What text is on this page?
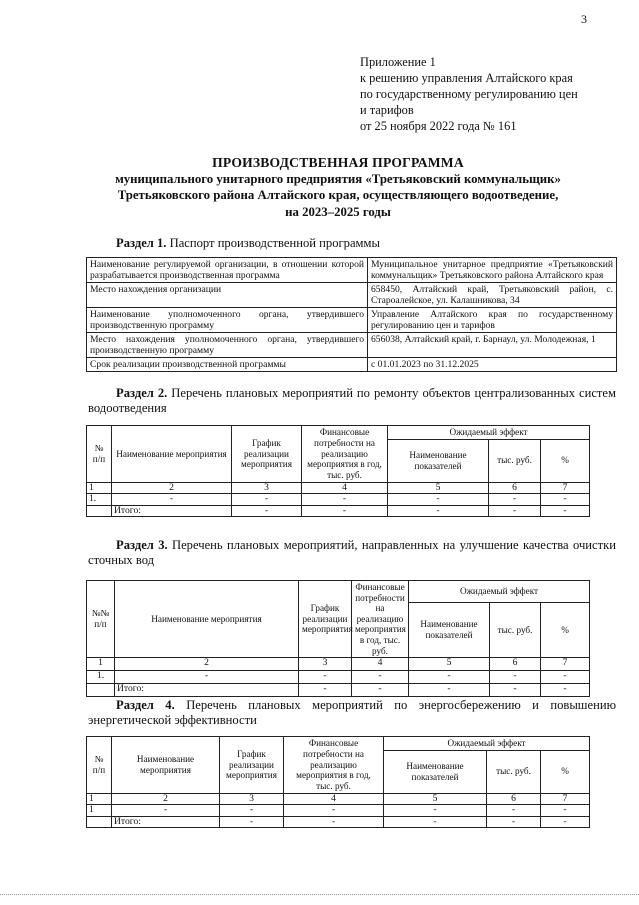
3
Приложение 1
к решению управления Алтайского края
по государственному регулированию цен
и тарифов
от 25 ноября 2022 года № 161
ПРОИЗВОДСТВЕННАЯ ПРОГРАММА
муниципального унитарного предприятия «Третьяковский коммунальщик»
Третьяковского района Алтайского края, осуществляющего водоотведение,
на 2023–2025 годы
Раздел 1. Паспорт производственной программы
Наименование регулируемой организации, в отношении которой разрабатывается производственная программа	Муниципальное унитарное предприятие «Третьяковский коммунальщик» Третьяковского района Алтайского края
Место нахождения организации	658450, Алтайский край, Третьяковский район, с. Староалейское, ул. Калашникова, 34
Наименование уполномоченного органа, утвердившего производственную программу	Управление Алтайского края по государственному регулированию цен и тарифов
Место нахождения уполномоченного органа, утвердившего производственную программу	656038, Алтайский край, г. Барнаул, ул. Молодежная, 1
Срок реализации производственной программы	с 01.01.2023 по 31.12.2025
Раздел 2. Перечень плановых мероприятий по ремонту объектов централизованных систем водоотведения
№ п/п	Наименование мероприятия	График реализации мероприятия	Финансовые потребности на реализацию мероприятия в год, тыс. руб.	Ожидаемый эффект		
				Наименование показателей	тыс. руб.	%
1	2	3	4	5	6	7
1.	-	-	-	-	-	-
	Итого:	-	-	-	-	-
Раздел 3. Перечень плановых мероприятий, направленных на улучшение качества очистки сточных вод
№№ п/п	Наименование мероприятия	График реализации мероприятия	Финансовые потребности на реализацию мероприятия в год, тыс. руб.	Ожидаемый эффект		
				Наименование показателей	тыс. руб.	%
1	2	3	4	5	6	7
1.	-	-	-	-	-	-
	Итого:	-	-	-	-	-
Раздел 4. Перечень плановых мероприятий по энергосбережению и повышению энергетической эффективности
№ п/п	Наименование мероприятия	График реализации мероприятия	Финансовые потребности на реализацию мероприятия в год, тыс. руб.	Ожидаемый эффект		
				Наименование показателей	тыс. руб.	%
1	2	3	4	5	6	7
1	-	-	-	-	-	-
	Итого:	-	-	-	-	-
